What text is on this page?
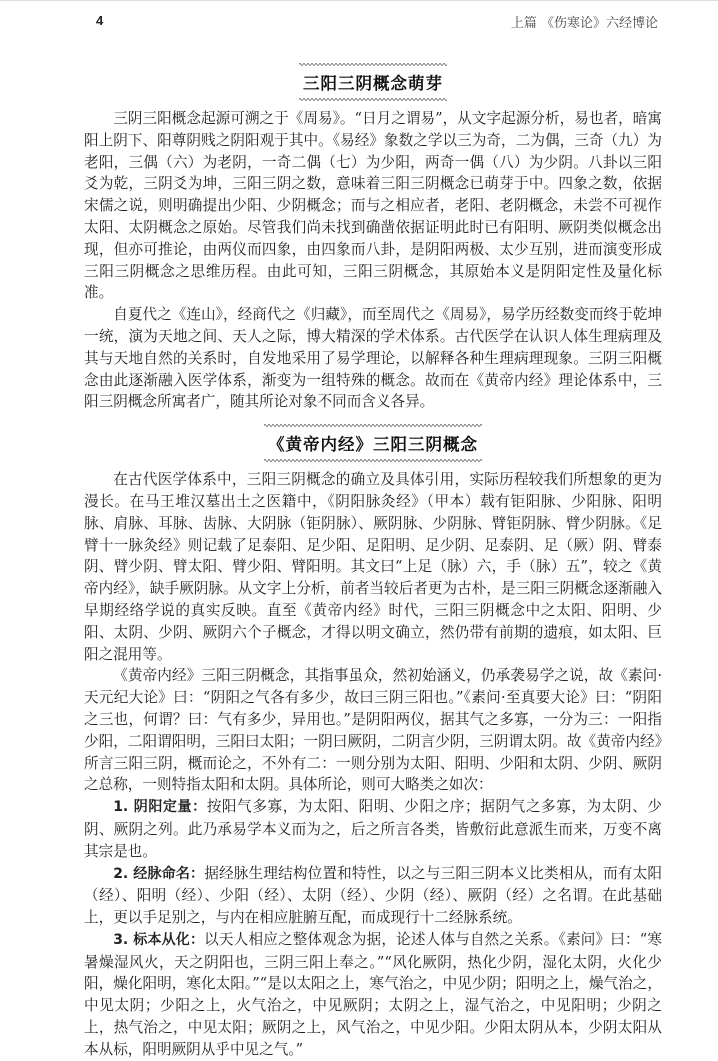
4	上篇 《伤寒论》六经博论
三阳三阴概念萌芽

三阴三阳概念起源可溯之于《周易》。“日月之谓易”，从文字起源分析，易也者，暗寓阳上阴下、阳尊阴贱之阴阳观于其中。《易经》象数之学以三为奇，二为偶，三奇（九）为老阳，三偶（六）为老阴，一奇二偶（七）为少阳，两奇一偶（八）为少阴。八卦以三阳爻为乾，三阴爻为坤，三阳三阴之数，意味着三阳三阴概念已萌芽于中。四象之数，依据宋儒之说，则明确提出少阳、少阴概念；而与之相应者，老阳、老阴概念，未尝不可视作太阳、太阴概念之原始。尽管我们尚未找到确凿依据证明此时已有阳明、厥阴类似概念出现，但亦可推论，由两仪而四象，由四象而八卦，是阴阳两极、太少互别，进而演变形成三阳三阴概念之思维历程。由此可知，三阳三阴概念，其原始本义是阴阳定性及量化标准。

自夏代之《连山》，经商代之《归藏》，而至周代之《周易》，易学历经数变而终于乾坤一统，演为天地之间、天人之际，博大精深的学术体系。古代医学在认识人体生理病理及其与天地自然的关系时，自发地采用了易学理论，以解释各种生理病理现象。三阴三阳概念由此逐渐融入医学体系，渐变为一组特殊的概念。故而在《黄帝内经》理论体系中，三阳三阴概念所寓者广，随其所论对象不同而含义各异。

《黄帝内经》三阳三阴概念

在古代医学体系中，三阳三阴概念的确立及具体引用，实际历程较我们所想象的更为漫长。在马王堆汉墓出土之医籍中，《阴阳脉灸经》（甲本）载有钜阳脉、少阳脉、阳明脉、肩脉、耳脉、齿脉、大阴脉（钜阴脉）、厥阴脉、少阴脉、臂钜阴脉、臂少阴脉。《足臂十一脉灸经》则记载了足泰阳、足少阳、足阳明、足少阴、足泰阴、足（厥）阴、臂泰阴、臂少阴、臂太阳、臂少阳、臂阳明。其文曰“上足（脉）六，手（脉）五”，较之《黄帝内经》，缺手厥阴脉。从文字上分析，前者当较后者更为古朴，是三阳三阴概念逐渐融入早期经络学说的真实反映。直至《黄帝内经》时代，三阳三阴概念中之太阳、阳明、少阳、太阴、少阴、厥阴六个子概念，才得以明文确立，然仍带有前期的遗痕，如太阳、巨阳之混用等。

《黄帝内经》三阳三阴概念，其指事虽众，然初始涵义，仍承袭易学之说，故《素问·天元纪大论》曰：“阴阳之气各有多少，故曰三阴三阳也。”《素问·至真要大论》曰：“阴阳之三也，何谓？曰：气有多少，异用也。”是阴阳两仪，据其气之多寡，一分为三：一阳指少阳，二阳谓阳明，三阳曰太阳；一阴曰厥阴，二阴言少阴，三阴谓太阴。故《黄帝内经》所言三阳三阴，概而论之，不外有二：一则分别为太阳、阳明、少阳和太阴、少阴、厥阴之总称，一则特指太阳和太阴。具体所论，则可大略类之如次：

1. 阴阳定量：按阳气多寡，为太阳、阳明、少阳之序；据阴气之多寡，为太阴、少阴、厥阴之列。此乃承易学本义而为之，后之所言各类，皆敷衍此意派生而来，万变不离其宗是也。

2. 经脉命名：据经脉生理结构位置和特性，以之与三阳三阴本义比类相从，而有太阳（经）、阳明（经）、少阳（经）、太阴（经）、少阴（经）、厥阴（经）之名谓。在此基础上，更以手足别之，与内在相应脏腑互配，而成现行十二经脉系统。

3. 标本从化：以天人相应之整体观念为据，论述人体与自然之关系。《素问》曰：“寒暑燥湿风火，天之阴阳也，三阴三阳上奉之。”“风化厥阴，热化少阴，湿化太阴，火化少阳，燥化阳明，寒化太阳。”“是以太阳之上，寒气治之，中见少阴；阳明之上，燥气治之，中见太阴；少阳之上，火气治之，中见厥阴；太阴之上，湿气治之，中见阳明；少阴之上，热气治之，中见太阳；厥阴之上，风气治之，中见少阳。少阳太阴从本，少阴太阳从本从标，阳明厥阴从乎中见之气。”
